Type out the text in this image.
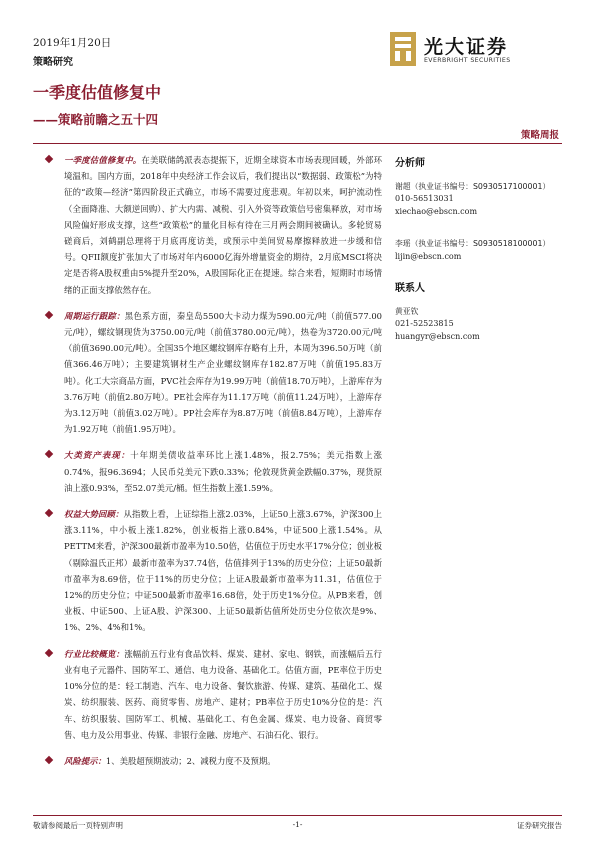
2019年1月20日
策略研究
光大证券
EVERBRIGHT SECURITIES
一季度估值修复中
——策略前瞻之五十四
策略周报

一季度估值修复中。在美联储鸽派表态提振下，近期全球资本市场表现回暖，外部环境温和。国内方面，2018年中央经济工作会议后，我们提出以“数据弱、政策松”为特征的“政策—经济”第四阶段正式确立，市场不需要过度悲观。年初以来，呵护流动性（全面降准、大额逆回购）、扩大内需、减税、引入外资等政策信号密集释放，对市场风险偏好形成支撑，这些“政策松”的量化目标有待在三月两会期间被确认。多轮贸易磋商后，刘鹤副总理将于月底再度访美，或预示中美间贸易摩擦释放进一步缓和信号。QFII额度扩张加大了市场对年内6000亿海外增量资金的期待，2月底MSCI将决定是否将A股权重由5%提升至20%，A股国际化正在提速。综合来看，短期时市场情绪的正面支撑依然存在。

周期运行跟踪：黑色系方面，秦皇岛5500大卡动力煤为590.00元/吨（前值577.00元/吨），螺纹钢现货为3750.00元/吨（前值3780.00元/吨），热卷为3720.00元/吨（前值3690.00元/吨）。全国35个地区螺纹钢库存略有上升，本周为396.50万吨（前值366.46万吨）；主要建筑钢材生产企业螺纹钢库存182.87万吨（前值195.83万吨）。化工大宗商品方面，PVC社会库存为19.99万吨（前值18.70万吨），上游库存为3.76万吨（前值2.80万吨）。PE社会库存为11.17万吨（前值11.24万吨），上游库存为3.12万吨（前值3.02万吨）。PP社会库存为8.87万吨（前值8.84万吨），上游库存为1.92万吨（前值1.95万吨）。

大类资产表现：十年期美债收益率环比上涨1.48%，报2.75%；美元指数上涨0.74%，报96.3694；人民币兑美元下跌0.33%；伦敦现货黄金跌幅0.37%，现货原油上涨0.93%，至52.07美元/桶。恒生指数上涨1.59%。

权益大势回顾：从指数上看，上证综指上涨2.03%，上证50上涨3.67%，沪深300上涨3.11%，中小板上涨1.82%，创业板指上涨0.84%，中证500上涨1.54%。从PETTM来看，沪深300最新市盈率为10.50倍，估值位于历史水平17%分位；创业板（剔除温氏正邦）最新市盈率为37.74倍，估值排列于13%的历史分位；上证50最新市盈率为8.69倍，位于11%的历史分位；上证A股最新市盈率为11.31，估值位于12%的历史分位；中证500最新市盈率16.68倍，处于历史1%分位。从PB来看，创业板、中证500、上证A股、沪深300、上证50最新估值所处历史分位依次是9%、1%、2%、4%和1%。

行业比较概览：涨幅前五行业有食品饮料、煤炭、建材、家电、钢铁，而涨幅后五行业有电子元器件、国防军工、通信、电力设备、基础化工。估值方面，PE率位于历史10%分位的是：轻工制造、汽车、电力设备、餐饮旅游、传媒、建筑、基础化工、煤炭、纺织服装、医药、商贸零售、房地产、建材；PB率位于历史10%分位的是：汽车、纺织服装、国防军工、机械、基础化工、有色金属、煤炭、电力设备、商贸零售、电力及公用事业、传媒、非银行金融、房地产、石油石化、银行。

风险提示：1、美股超预期波动；2、减税力度不及预期。

分析师
谢超（执业证书编号：S0930517100001）
010-56513031
xiechao@ebscn.com
李瑶（执业证书编号：S0930518100001）
lijin@ebscn.com
联系人
黄亚钦
021-52523815
huangyr@ebscn.com
敬请参阅最后一页特别声明	-1-	证券研究报告
